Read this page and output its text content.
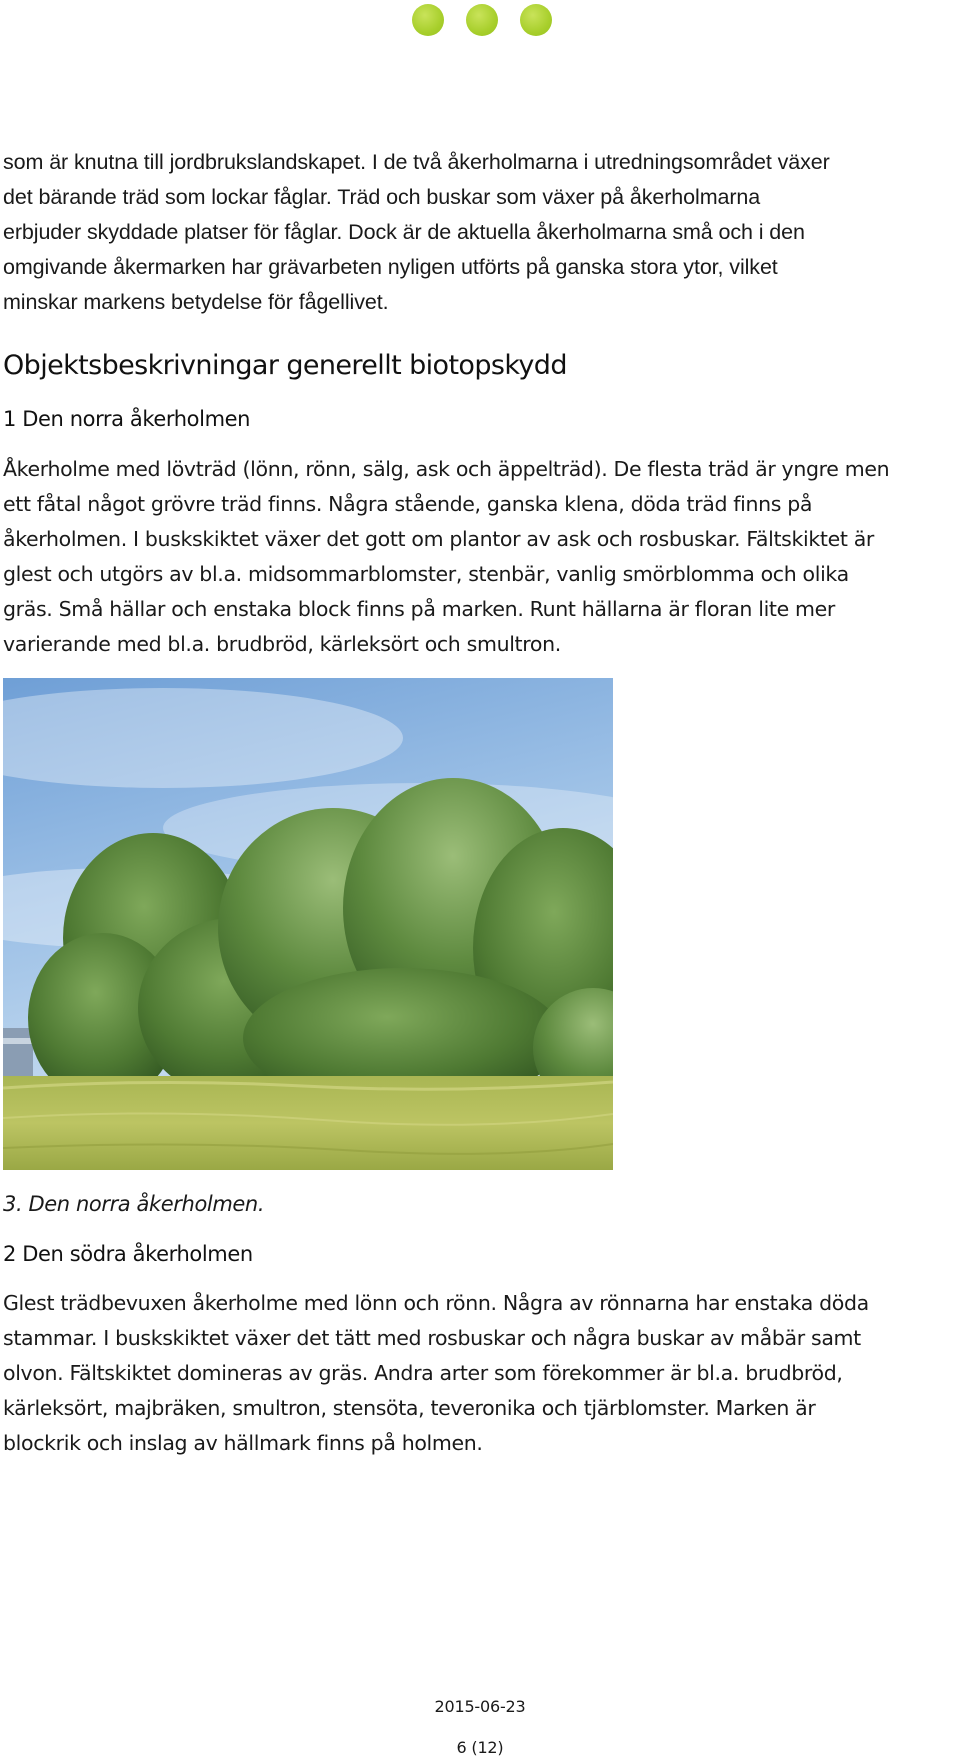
som är knutna till jordbrukslandskapet. I de två åkerholmarna i utredningsområdet växer
det bärande träd som lockar fåglar. Träd och buskar som växer på åkerholmarna
erbjuder skyddade platser för fåglar. Dock är de aktuella åkerholmarna små och i den
omgivande åkermarken har grävarbeten nyligen utförts på ganska stora ytor, vilket
minskar markens betydelse för fågellivet.

Objektsbeskrivningar generellt biotopskydd
1 Den norra åkerholmen

Åkerholme med lövträd (lönn, rönn, sälg, ask och äppelträd). De flesta träd är yngre men
ett fåtal något grövre träd finns. Några stående, ganska klena, döda träd finns på
åkerholmen. I buskskiktet växer det gott om plantor av ask och rosbuskar. Fältskiktet är
glest och utgörs av bl.a. midsommarblomster, stenbär, vanlig smörblomma och olika
gräs. Små hällar och enstaka block finns på marken. Runt hällarna är floran lite mer
varierande med bl.a. brudbröd, kärleksört och smultron.

3. Den norra åkerholmen.

2 Den södra åkerholmen

Glest trädbevuxen åkerholme med lönn och rönn. Några av rönnarna har enstaka döda
stammar. I buskskiktet växer det tätt med rosbuskar och några buskar av måbär samt
olvon. Fältskiktet domineras av gräs. Andra arter som förekommer är bl.a. brudbröd,
kärleksört, majbräken, smultron, stensöta, teveronika och tjärblomster. Marken är
blockrik och inslag av hällmark finns på holmen.

2015-06-23

6 (12)
